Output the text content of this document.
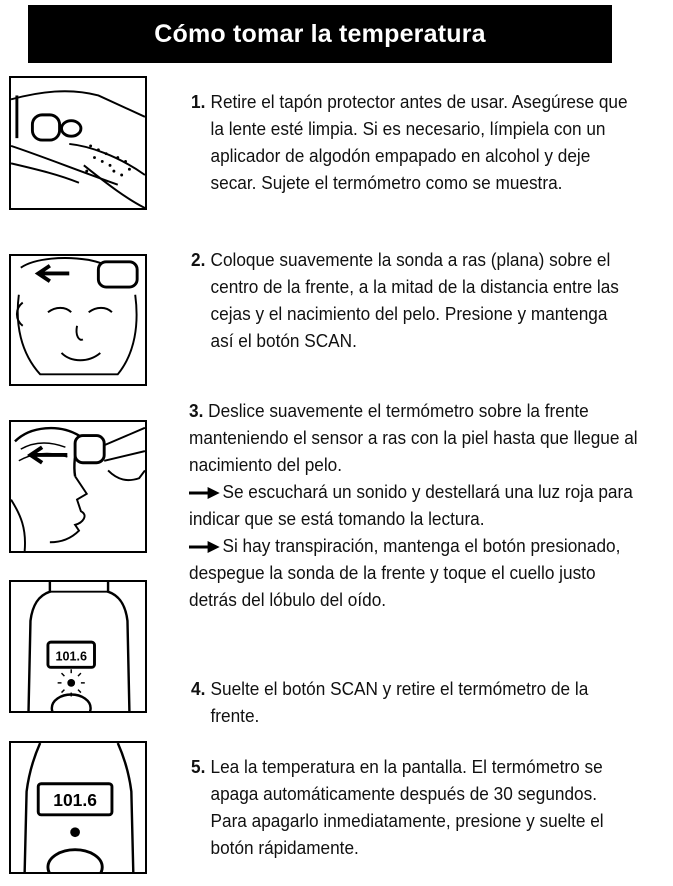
Cómo tomar la temperatura
101.6
101.6
1. Retire el tapón protector antes de usar. Asegúrese que la lente esté limpia. Si es necesario, límpiela con un aplicador de algodón empapado en alcohol y deje secar. Sujete el termómetro como se muestra.
2. Coloque suavemente la sonda a ras (plana) sobre el centro de la frente, a la mitad de la distancia entre las cejas y el nacimiento del pelo. Presione y mantenga así el botón SCAN.

3. Deslice suavemente el termómetro sobre la frente manteniendo el sensor a ras con la piel hasta que llegue al nacimiento del pelo.

Se escuchará un sonido y destellará una luz roja para indicar que se está tomando la lectura.

Si hay transpiración, mantenga el botón presionado, despegue la sonda de la frente y toque el cuello justo detrás del lóbulo del oído.

4. Suelte el botón SCAN y retire el termómetro de la frente.
5. Lea la temperatura en la pantalla. El termómetro se apaga automáticamente después de 30 segundos. Para apagarlo inmediatamente, presione y suelte el botón rápidamente.
